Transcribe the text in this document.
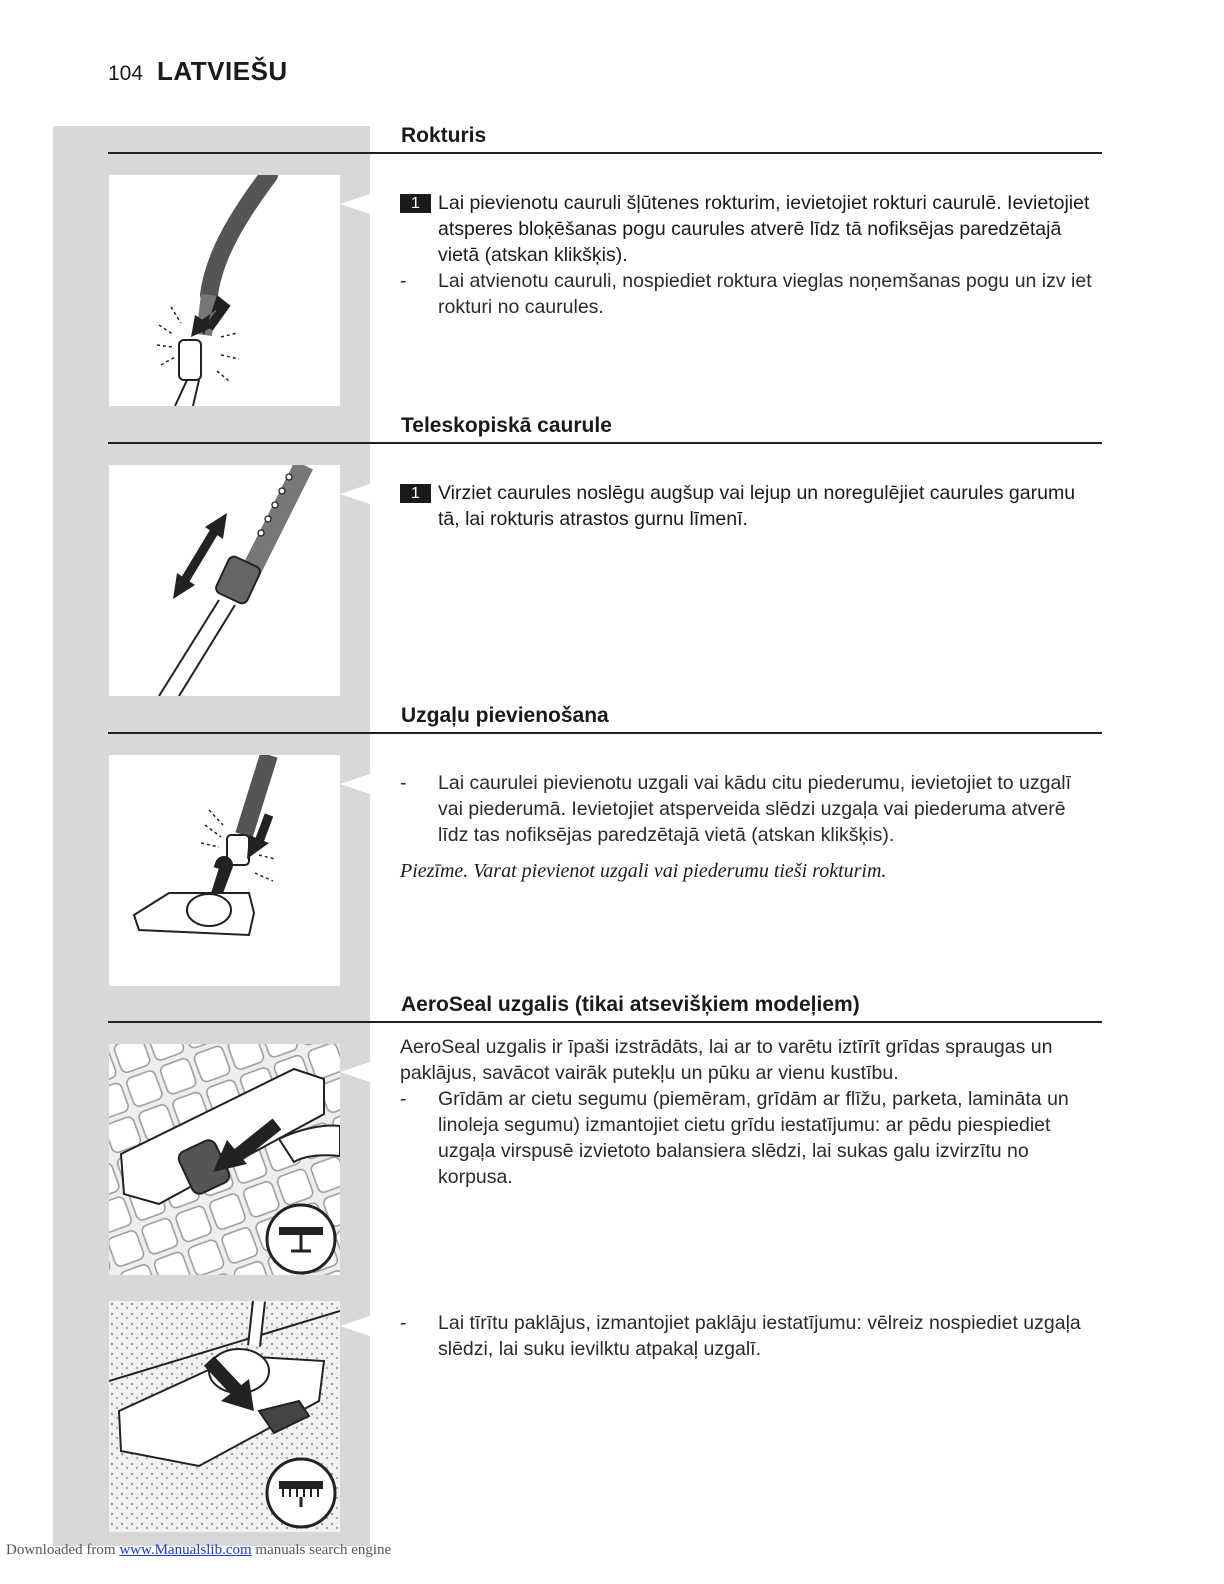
104 LATVIEŠU
Rokturis

1 Lai pievienotu cauruli šļūtenes rokturim, ievietojiet rokturi caurulē. Ievietojiet atsperes bloķēšanas pogu caurules atverē līdz tā nofiksējas paredzētajā vietā (atskan klikšķis).

- Lai atvienotu cauruli, nospiediet roktura vieglas noņemšanas pogu un izv iet rokturi no caurules.

Teleskopiskā caurule

1 Virziet caurules noslēgu augšup vai lejup un noregulējiet caurules garumu tā, lai rokturis atrastos gurnu līmenī.

Uzgaļu pievienošana

- Lai caurulei pievienotu uzgali vai kādu citu piederumu, ievietojiet to uzgalī vai piederumā. Ievietojiet atsperveida slēdzi uzgaļa vai piederuma atverē līdz tas nofiksējas paredzētajā vietā (atskan klikšķis).

Piezīme. Varat pievienot uzgali vai piederumu tieši rokturim.

AeroSeal uzgalis (tikai atsevišķiem modeļiem)

AeroSeal uzgalis ir īpaši izstrādāts, lai ar to varētu iztīrīt grīdas spraugas un paklājus, savācot vairāk putekļu un pūku ar vienu kustību.

- Grīdām ar cietu segumu (piemēram, grīdām ar flīžu, parketa, lamināta un linoleja segumu) izmantojiet cietu grīdu iestatījumu: ar pēdu piespiediet uzgaļa virspusē izvietoto balansiera slēdzi, lai sukas galu izvirzītu no korpusa.

- Lai tīrītu paklājus, izmantojiet paklāju iestatījumu: vēlreiz nospiediet uzgaļa slēdzi, lai suku ievilktu atpakaļ uzgalī.

Downloaded from www.Manualslib.com manuals search engine
